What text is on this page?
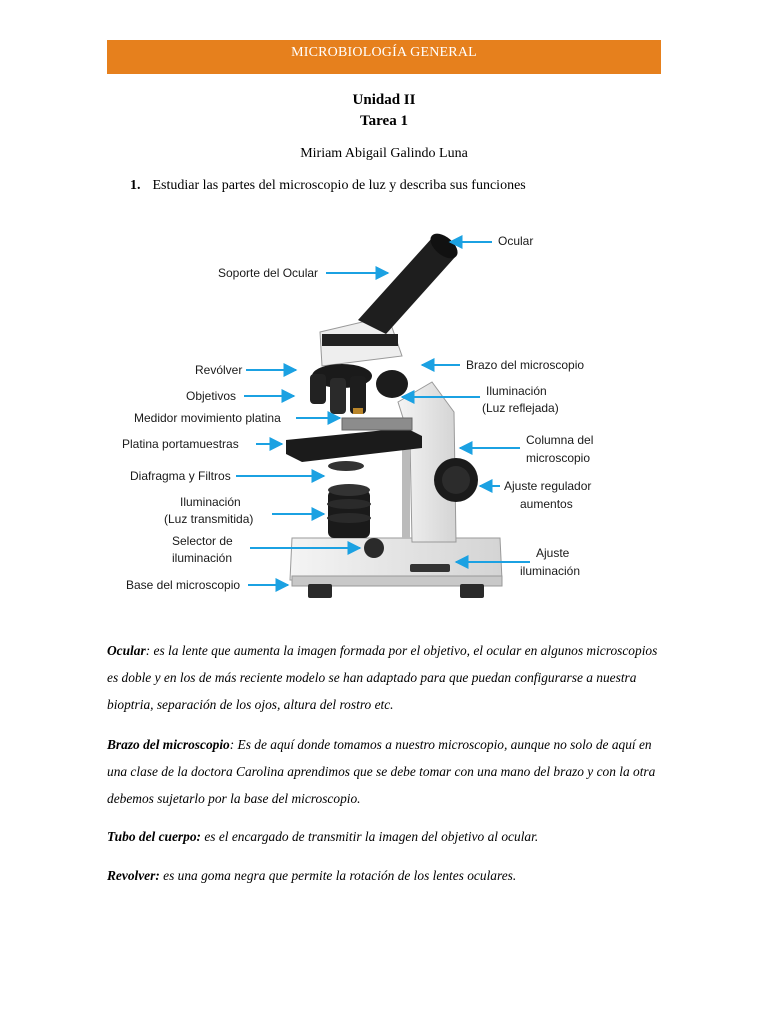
MICROBIOLOGÍA GENERAL
Unidad II
Tarea 1
Miriam Abigail Galindo Luna
1. Estudiar las partes del microscopio de luz y describa sus funciones
Ocular
Soporte del Ocular
Revólver	Brazo del microscopio
Objetivos	Iluminación
(Luz reflejada)
Medidor movimiento platina
Platina portamuestras	Columna del
microscopio
Diafragma y Filtros
Ajuste regulador
aumentos
Iluminación
(Luz transmitida)
Selector de
iluminación	Ajuste
iluminación
Base del microscopio
Ocular: es la lente que aumenta la imagen formada por el objetivo, el ocular en algunos microscopios es doble y en los de más reciente modelo se han adaptado para que puedan configurarse a nuestra bioptria, separación de los ojos, altura del rostro etc.
Brazo del microscopio: Es de aquí donde tomamos a nuestro microscopio, aunque no solo de aquí en una clase de la doctora Carolina aprendimos que se debe tomar con una mano del brazo y con la otra debemos sujetarlo por la base del microscopio.
Tubo del cuerpo: es el encargado de transmitir la imagen del objetivo al ocular.
Revolver: es una goma negra que permite la rotación de los lentes oculares.
